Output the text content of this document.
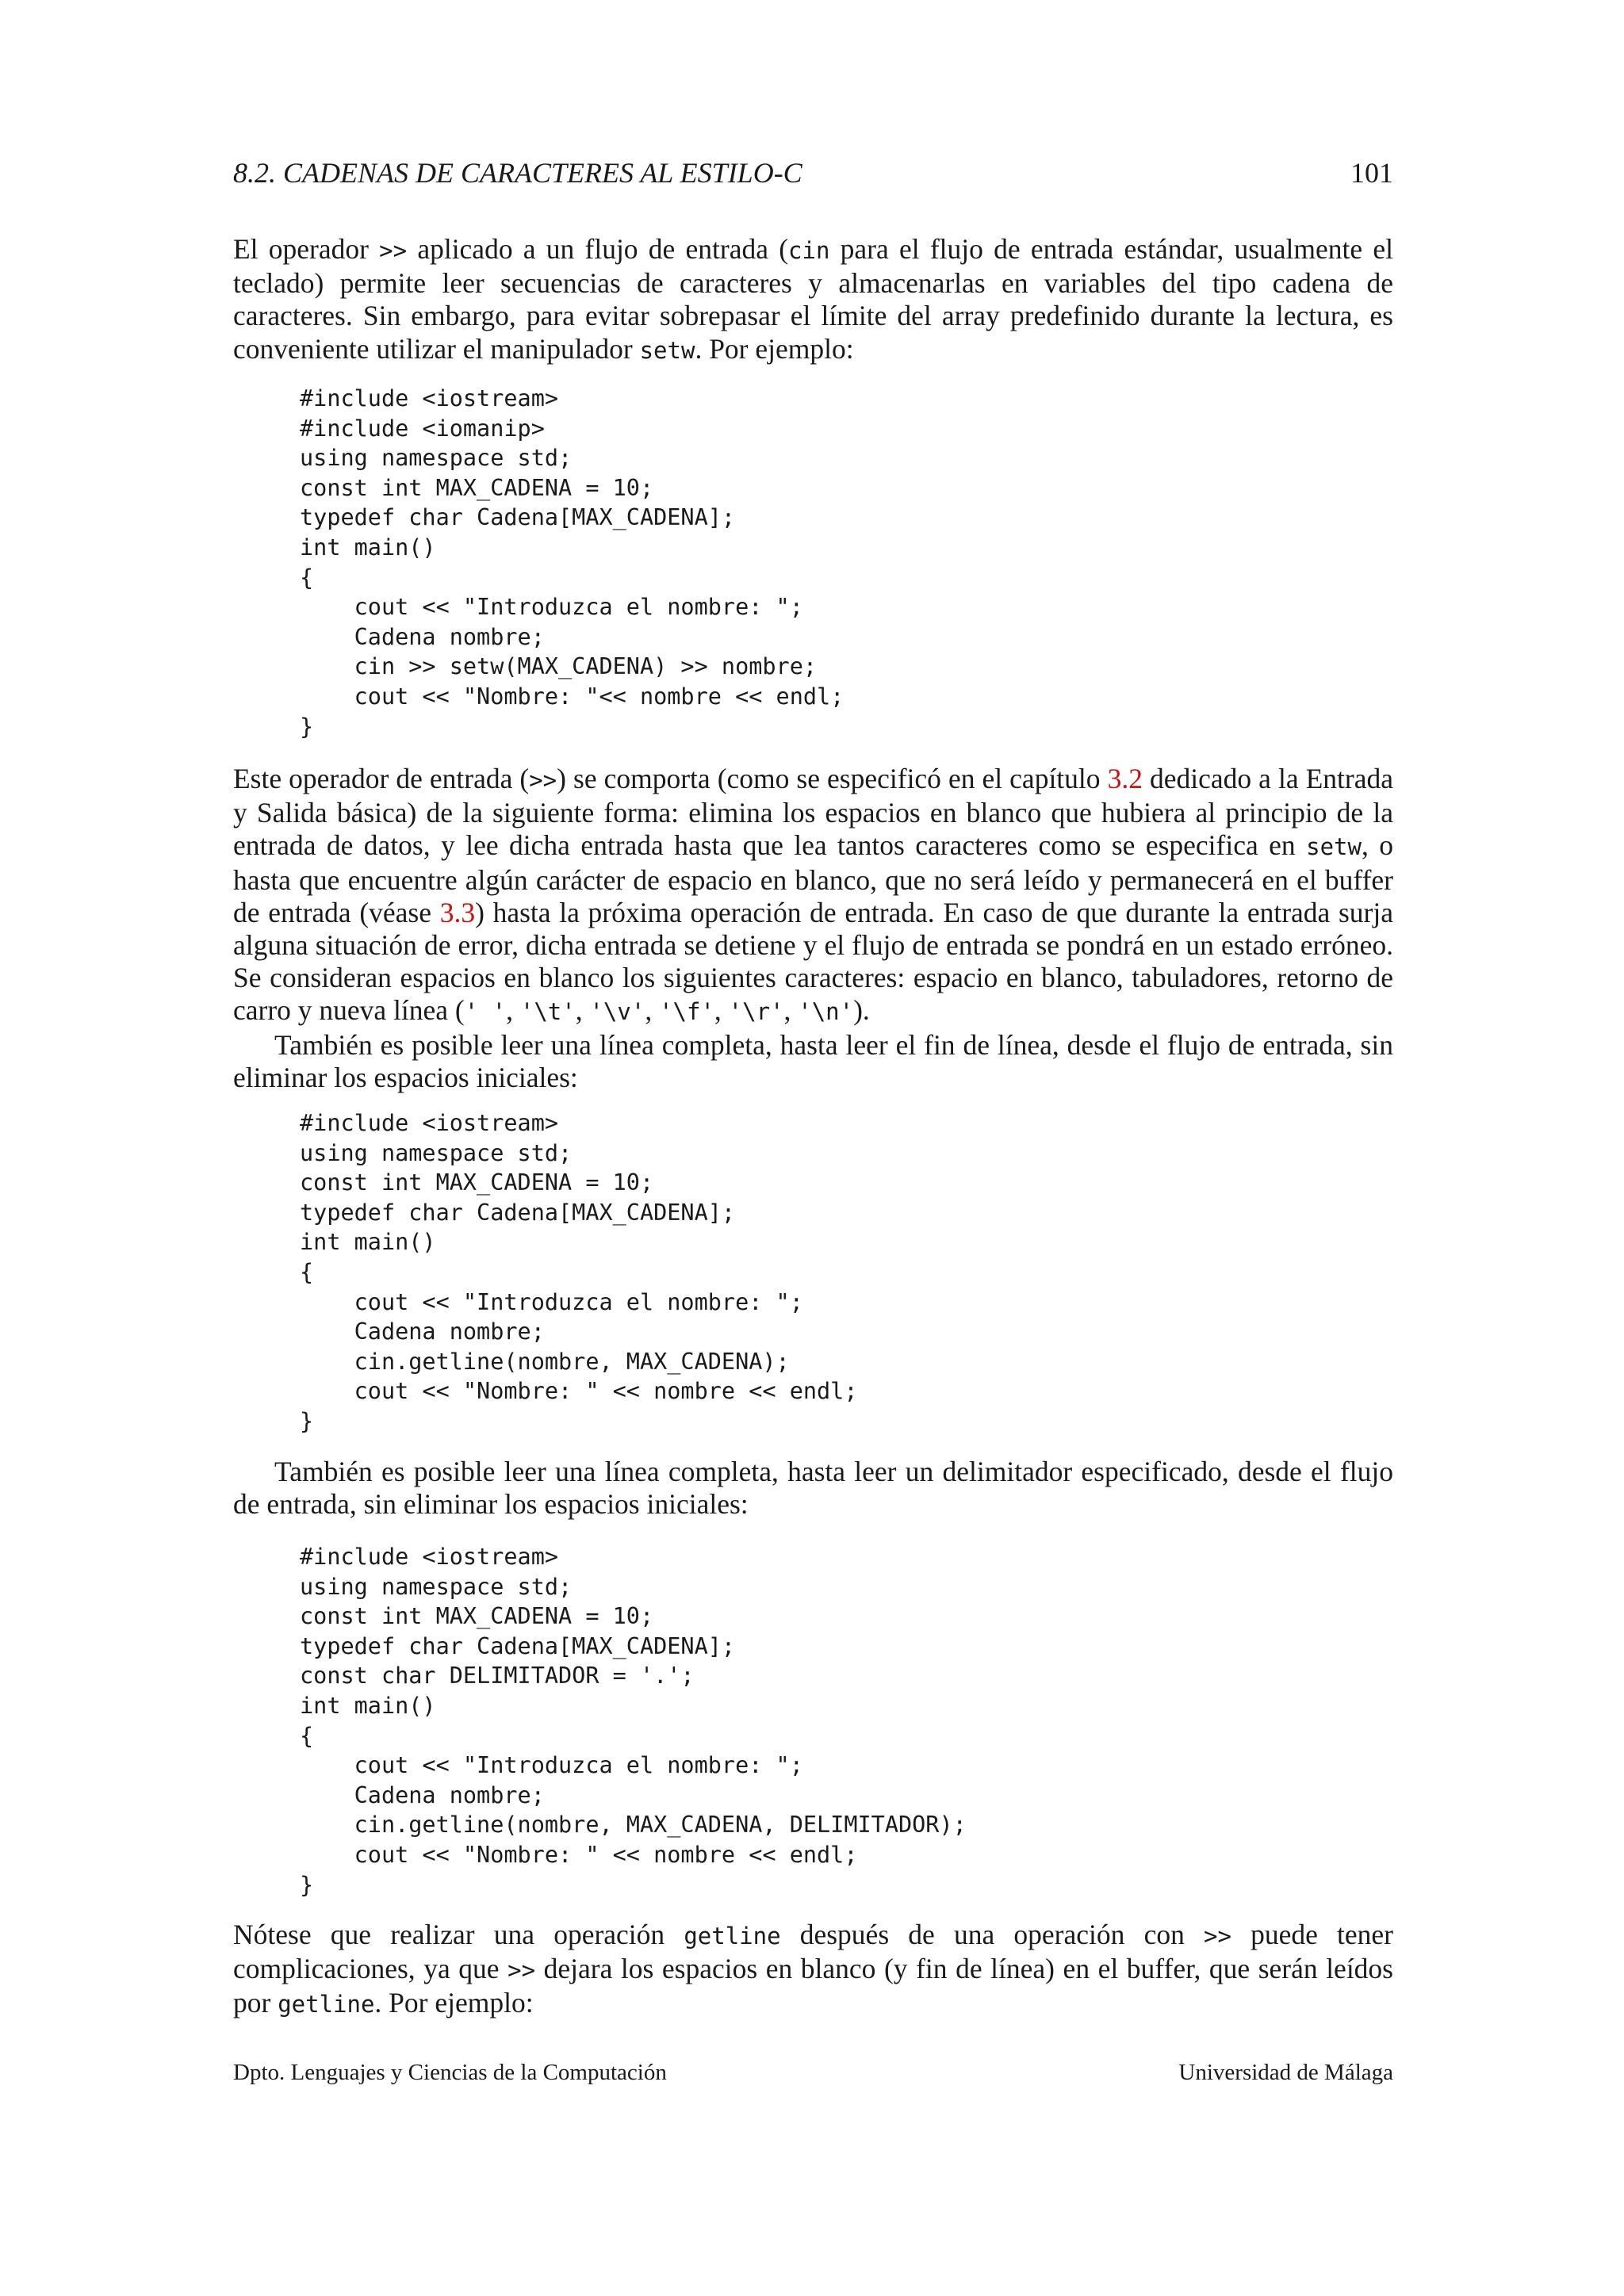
8.2. CADENAS DE CARACTERES AL ESTILO-C	101

El operador >> aplicado a un flujo de entrada (cin para el flujo de entrada estándar, usualmente el teclado) permite leer secuencias de caracteres y almacenarlas en variables del tipo cadena de caracteres. Sin embargo, para evitar sobrepasar el límite del array predefinido durante la lectura, es conveniente utilizar el manipulador setw. Por ejemplo:

#include <iostream>
#include <iomanip>
using namespace std;
const int MAX_CADENA = 10;
typedef char Cadena[MAX_CADENA];
int main()
{
cout << "Introduzca el nombre: ";
Cadena nombre;
cin >> setw(MAX_CADENA) >> nombre;
cout << "Nombre: "<< nombre << endl;
}

Este operador de entrada (>>) se comporta (como se especificó en el capítulo 3.2 dedicado a la Entrada y Salida básica) de la siguiente forma: elimina los espacios en blanco que hubiera al principio de la entrada de datos, y lee dicha entrada hasta que lea tantos caracteres como se especifica en setw, o hasta que encuentre algún carácter de espacio en blanco, que no será leído y permanecerá en el buffer de entrada (véase 3.3) hasta la próxima operación de entrada. En caso de que durante la entrada surja alguna situación de error, dicha entrada se detiene y el flujo de entrada se pondrá en un estado erróneo. Se consideran espacios en blanco los siguientes caracteres: espacio en blanco, tabuladores, retorno de carro y nueva línea (' ', '\t', '\v', '\f', '\r', '\n').

También es posible leer una línea completa, hasta leer el fin de línea, desde el flujo de entrada, sin eliminar los espacios iniciales:

#include <iostream>
using namespace std;
const int MAX_CADENA = 10;
typedef char Cadena[MAX_CADENA];
int main()
{
cout << "Introduzca el nombre: ";
Cadena nombre;
cin.getline(nombre, MAX_CADENA);
cout << "Nombre: " << nombre << endl;
}

También es posible leer una línea completa, hasta leer un delimitador especificado, desde el flujo de entrada, sin eliminar los espacios iniciales:

#include <iostream>
using namespace std;
const int MAX_CADENA = 10;
typedef char Cadena[MAX_CADENA];
const char DELIMITADOR = '.';
int main()
{
cout << "Introduzca el nombre: ";
Cadena nombre;
cin.getline(nombre, MAX_CADENA, DELIMITADOR);
cout << "Nombre: " << nombre << endl;
}

Nótese que realizar una operación getline después de una operación con >> puede tener complicaciones, ya que >> dejara los espacios en blanco (y fin de línea) en el buffer, que serán leídos por getline. Por ejemplo:

Dpto. Lenguajes y Ciencias de la Computación	Universidad de Málaga
